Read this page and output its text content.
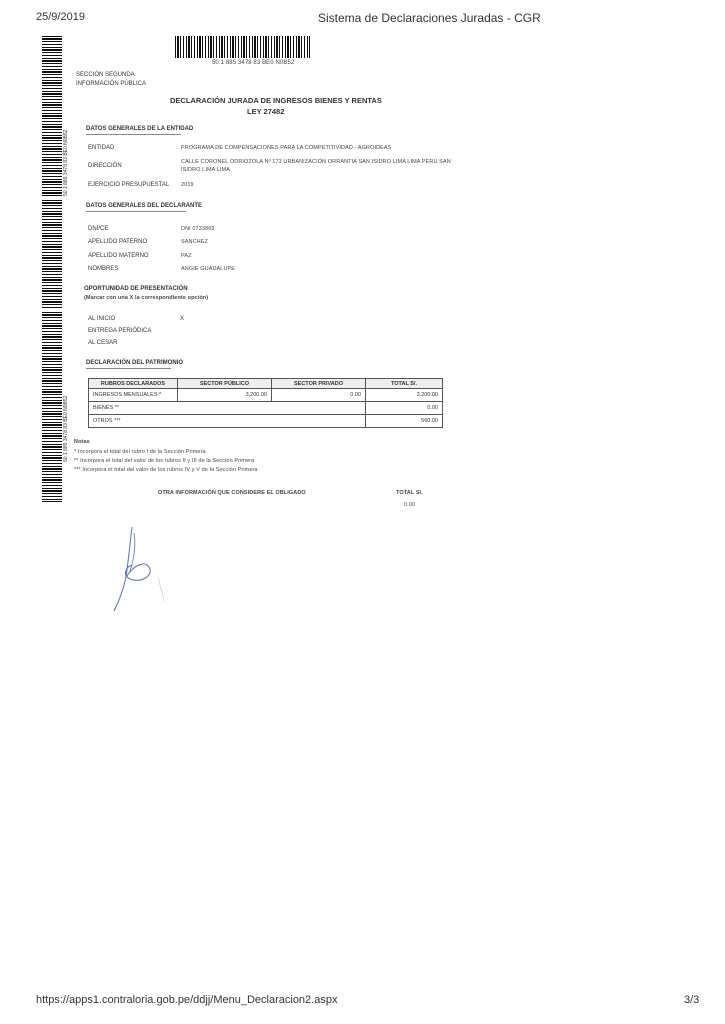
25/9/2019	Sistema de Declaraciones Juradas - CGR
https://apps1.contraloria.gob.pe/ddjj/Menu_Declaracion2.aspx	3/3
50 1 885 3478 83 BE0 N0B52
50 1 885 3478 83 BE0 N0B52
50 1 885 3478 83 BE0 N0B52
SECCIÓN SEGUNDA
INFORMACIÓN PÚBLICA
DECLARACIÓN JURADA DE INGRESOS BIENES Y RENTAS
LEY 27482
DATOS GENERALES DE LA ENTIDAD
ENTIDAD	PROGRAMA DE COMPENSACIONES PARA LA COMPETITIVIDAD - AGROIDEAS
DIRECCIÓN
CALLE CORONEL ODRIOZOLA Nº 173 URBANIZACIÓN ORRANTIA SAN ISIDRO LIMA LIMA PERU SAN ISIDRO LIMA LIMA
EJERCICIO PRESUPUESTAL 2019
DATOS GENERALES DEL DECLARANTE
DNI/CE	DNI 0733869
APELLIDO PATERNO	SANCHEZ
APELLIDO MATERNO	PAZ
NOMBRES	ANGIE GUADALUPE
OPORTUNIDAD DE PRESENTACIÓN
(Marcar con una X la correspondiente opción)
AL INICIO	X
ENTREGA PERIÓDICA
AL CESAR
DECLARACIÓN DEL PATRIMONIO
RUBROS DECLARADOS	SECTOR PÚBLICO	SECTOR PRIVADO	TOTAL S/.
INGRESOS MENSUALES *	3,200.00	0.00	3,200.00
BIENES **			0.00
OTROS ***			560.00
Notas
* Incorpora el total del rubro I de la Sección Primera
** Incorpora el total del valor de los rubros II y III de la Sección Primera
*** Incorpora el total del valor de los rubros IV y V de la Sección Primera
OTRA INFORMACIÓN QUE CONSIDERE EL OBLIGADO	TOTAL S/.
0.00
